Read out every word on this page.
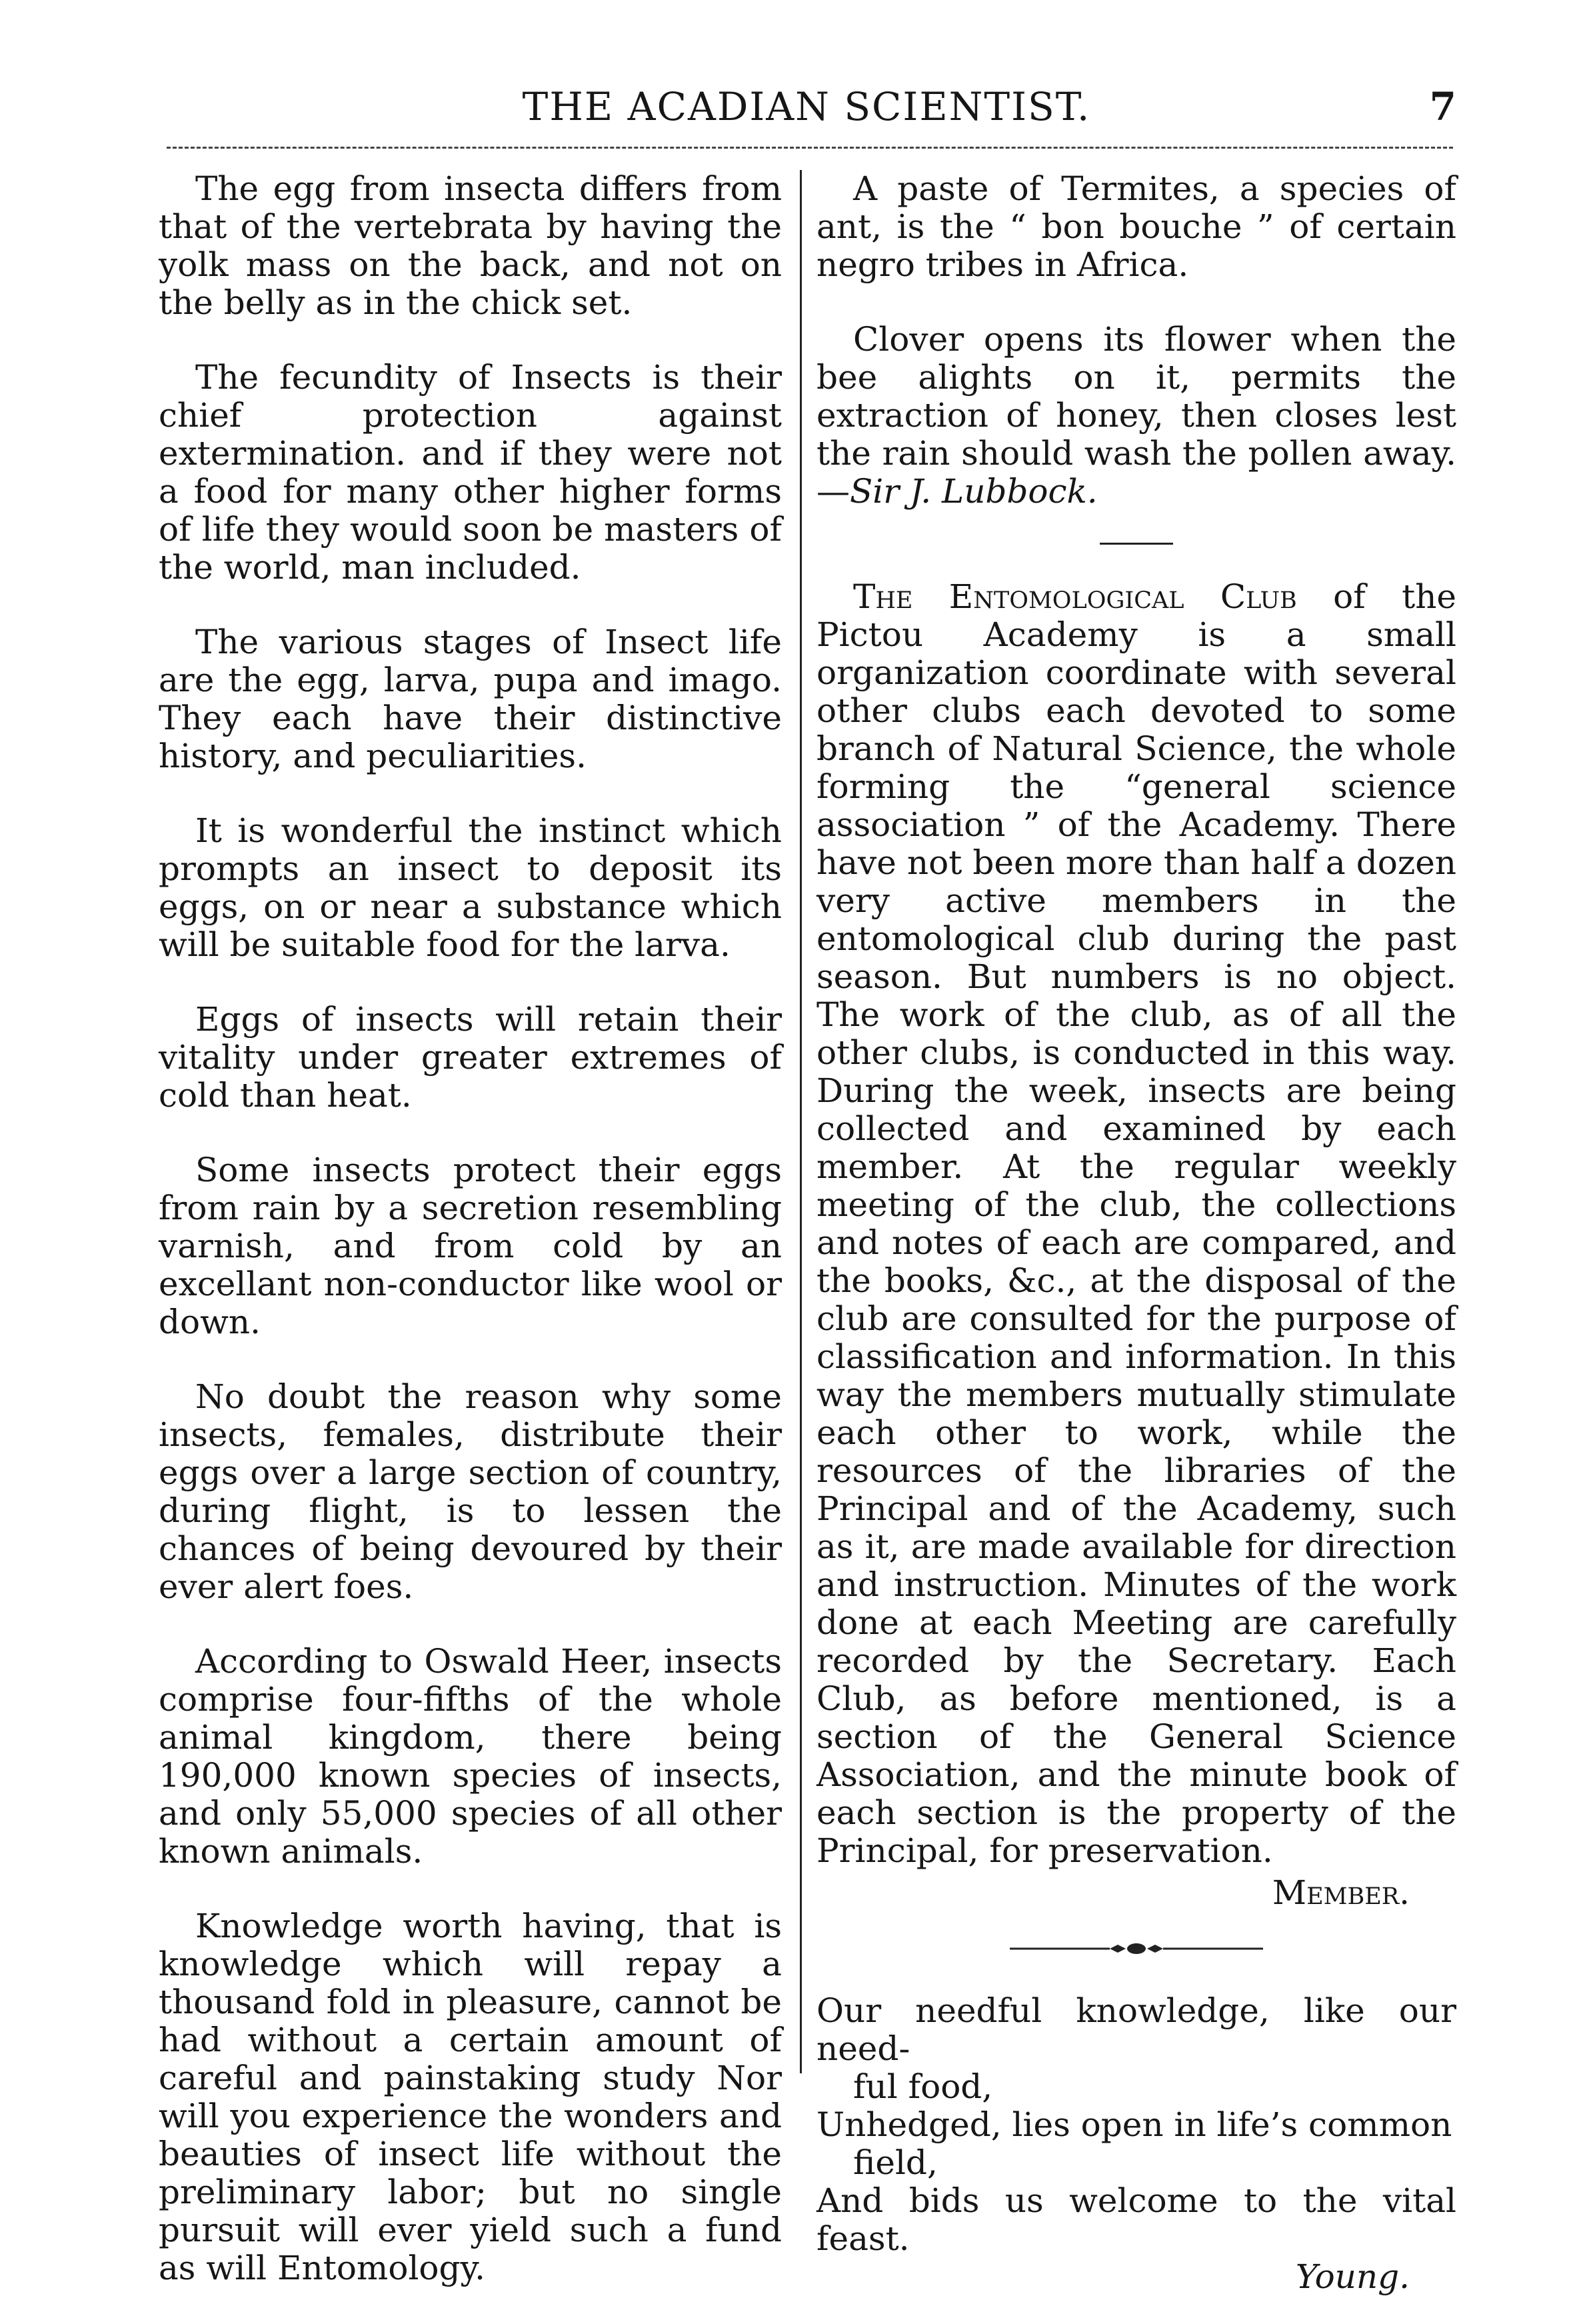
THE ACADIAN SCIENTIST.	7

The egg from insecta differs from that of the vertebrata by having the yolk mass on the back, and not on the belly as in the chick set.

The fecundity of Insects is their chief protection against extermination. and if they were not a food for many other higher forms of life they would soon be masters of the world, man included.

The various stages of Insect life are the egg, larva, pupa and imago. They each have their distinctive history, and peculiarities.

It is wonderful the instinct which prompts an insect to deposit its eggs, on or near a substance which will be suitable food for the larva.

Eggs of insects will retain their vitality under greater extremes of cold than heat.

Some insects protect their eggs from rain by a secretion resembling varnish, and from cold by an excellant non-conductor like wool or down.

No doubt the reason why some insects, females, distribute their eggs over a large section of country, during flight, is to lessen the chances of being devoured by their ever alert foes.

According to Oswald Heer, insects comprise four-fifths of the whole animal kingdom, there being 190,000 known species of insects, and only 55,000 species of all other known animals.

Knowledge worth having, that is knowledge which will repay a thousand fold in pleasure, cannot be had without a certain amount of careful and painstaking study Nor will you experience the wonders and beauties of insect life without the preliminary labor; but no single pursuit will ever yield such a fund as will Entomology.

A paste of Termites, a species of ant, is the “ bon bouche ” of certain negro tribes in Africa.

Clover opens its flower when the bee alights on it, permits the extraction of honey, then closes lest the rain should wash the pollen away.—Sir J. Lubbock.

The Entomological Club of the Pictou Academy is a small organization coordinate with several other clubs each devoted to some branch of Natural Science, the whole forming the “general science association ” of the Academy. There have not been more than half a dozen very active members in the entomological club during the past season. But numbers is no object. The work of the club, as of all the other clubs, is conducted in this way. During the week, insects are being collected and examined by each member. At the regular weekly meeting of the club, the collections and notes of each are compared, and the books, &c., at the disposal of the club are consulted for the purpose of classification and information. In this way the members mutually stimulate each other to work, while the resources of the libraries of the Principal and of the Academy, such as it, are made available for direction and instruction. Minutes of the work done at each Meeting are carefully recorded by the Secretary. Each Club, as before mentioned, is a section of the General Science Association, and the minute book of each section is the property of the Principal, for preservation.

Member.

Our needful knowledge, like our need-

ful food,

Unhedged, lies open in life’s common

field,

And bids us welcome to the vital feast.

Young.
